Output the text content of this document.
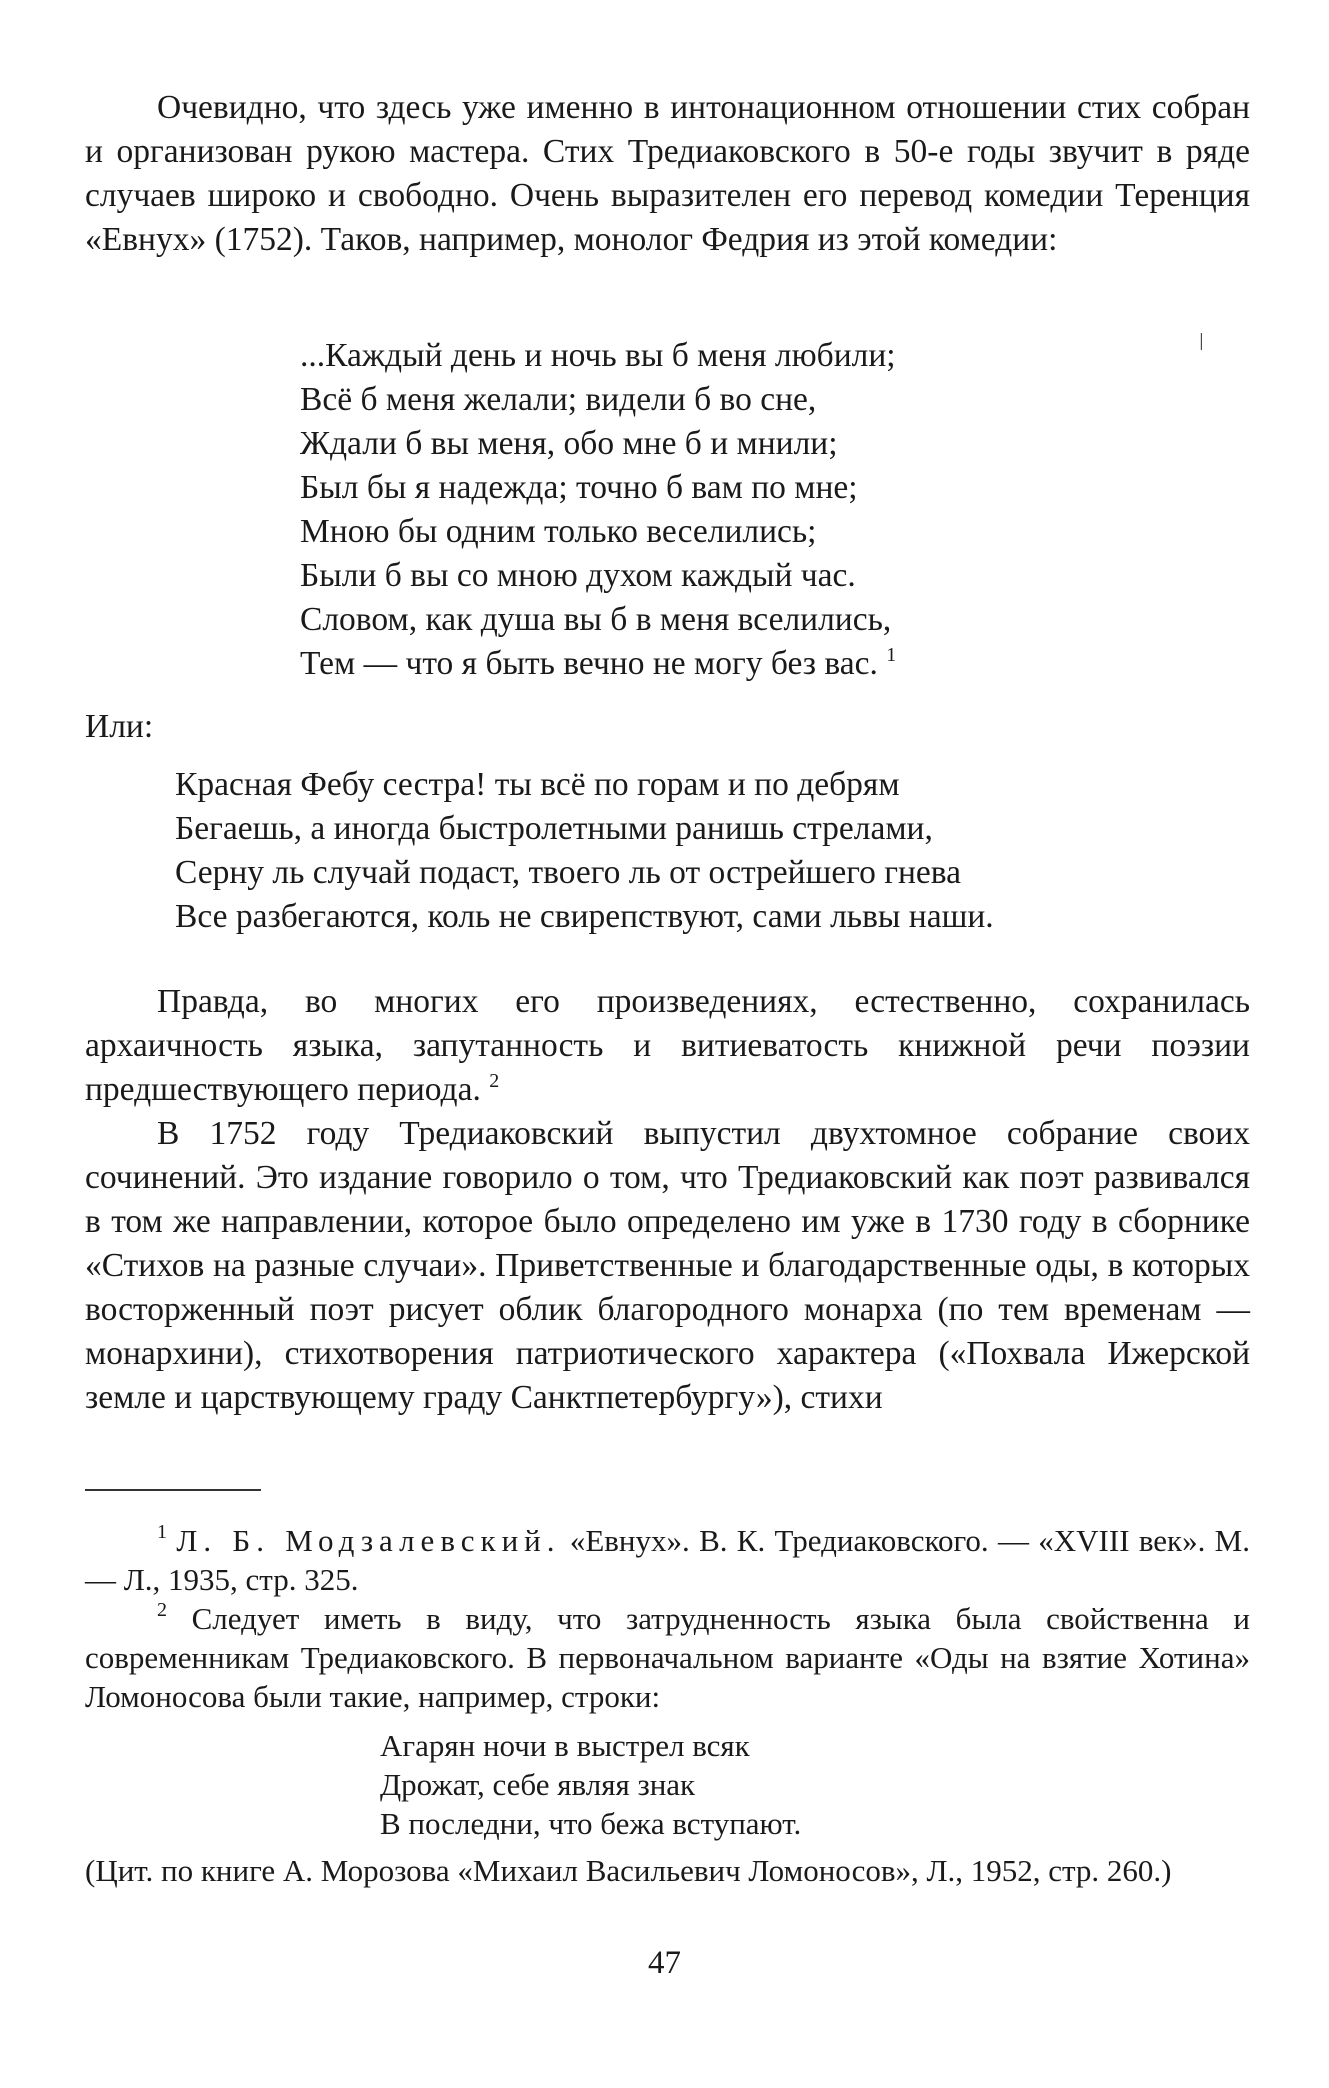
Очевидно, что здесь уже именно в интонационном отношении стих собран и организован рукою мастера. Стих Тредиаковского в 50-е годы звучит в ряде случаев широко и свободно. Очень выразителен его перевод комедии Теренция «Евнух» (1752). Таков, например, монолог Федрия из этой комедии:

ǀ
...Каждый день и ночь вы б меня любили;
Всё б меня желали; видели б во сне,
Ждали б вы меня, обо мне б и мнили;
Был бы я надежда; точно б вам по мне;
Мною бы одним только веселились;
Были б вы со мною духом каждый час.
Словом, как душа вы б в меня вселились,
Тем — что я быть вечно не могу без вас. $^1$

Или:

Красная Фебу сестра! ты всё по горам и по дебрям
Бегаешь, а иногда быстролетными ранишь стрелами,
Серну ль случай подаст, твоего ль от острейшего гнева
Все разбегаются, коль не свирепствуют, сами львы наши.

Правда, во многих его произведениях, естественно, сохранилась архаичность языка, запутанность и витиеватость книжной речи поэзии предшествующего периода. $^2$

В 1752 году Тредиаковский выпустил двухтомное собрание своих сочинений. Это издание говорило о том, что Тредиаковский как поэт развивался в том же направлении, которое было определено им уже в 1730 году в сборнике «Стихов на разные случаи». Приветственные и благодарственные оды, в которых восторженный поэт рисует облик благородного монарха (по тем временам — монархини), стихотворения патриотического характера («Похвала Ижерской земле и царствующему граду Санктпетербургу»), стихи

$^1$ Л. Б. Модзалевский. «Евнух». В. К. Тредиаковского. — «XVIII век». М. — Л., 1935, стр. 325.

$^2$ Следует иметь в виду, что затрудненность языка была свойственна и современникам Тредиаковского. В первоначальном варианте «Оды на взятие Хотина» Ломоносова были такие, например, строки:

Агарян ночи в выстрел всяк
Дрожат, себе являя знак
В последни, что бежа вступают.

(Цит. по книге А. Морозова «Михаил Васильевич Ломоносов», Л., 1952, стр. 260.)

47
